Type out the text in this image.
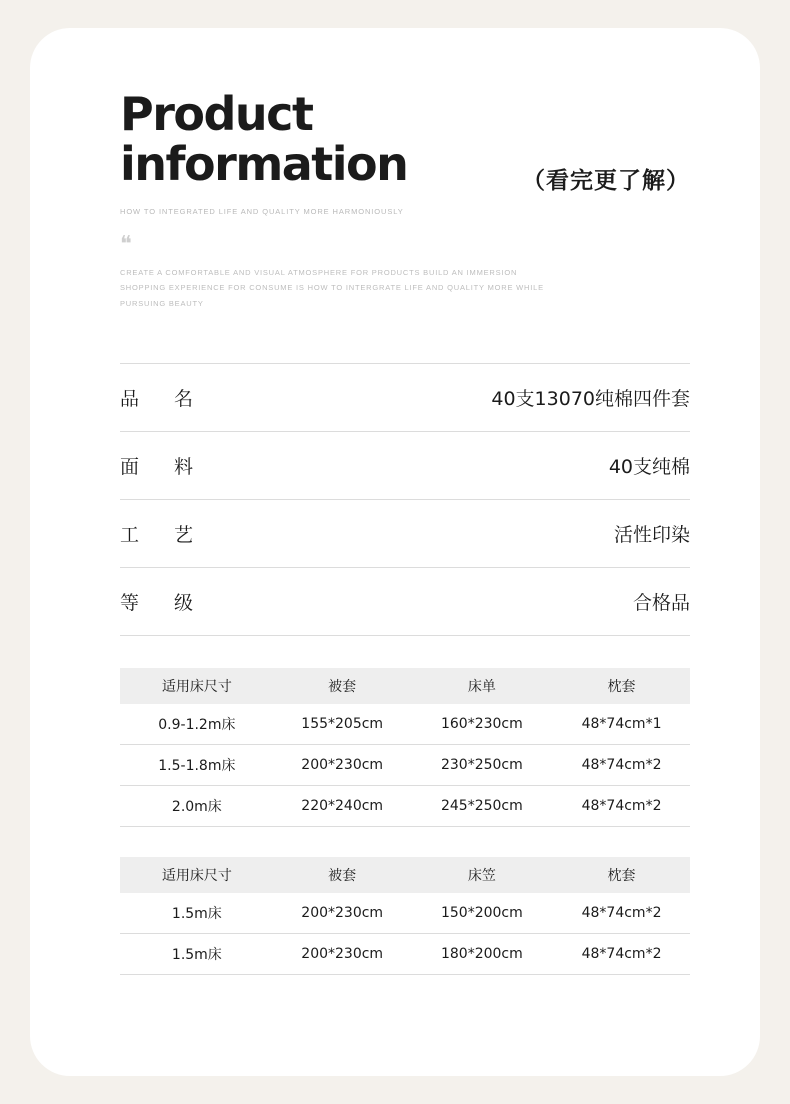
Product
information	（看完更了解）
HOW TO INTEGRATED LIFE AND QUALITY MORE HARMONIOUSLY
❝
CREATE A COMFORTABLE AND VISUAL ATMOSPHERE FOR PRODUCTS BUILD AN IMMERSION SHOPPING EXPERIENCE FOR CONSUME IS HOW TO INTERGRATE LIFE AND QUALITY MORE WHILE PURSUING BEAUTY
品　名	40支13070纯棉四件套
面　料	40支纯棉
工　艺	活性印染
等　级	合格品
适用床尺寸	被套	床单	枕套
0.9-1.2m床	155*205cm	160*230cm	48*74cm*1
1.5-1.8m床	200*230cm	230*250cm	48*74cm*2
2.0m床	220*240cm	245*250cm	48*74cm*2
适用床尺寸	被套	床笠	枕套
1.5m床	200*230cm	150*200cm	48*74cm*2
1.5m床	200*230cm	180*200cm	48*74cm*2
